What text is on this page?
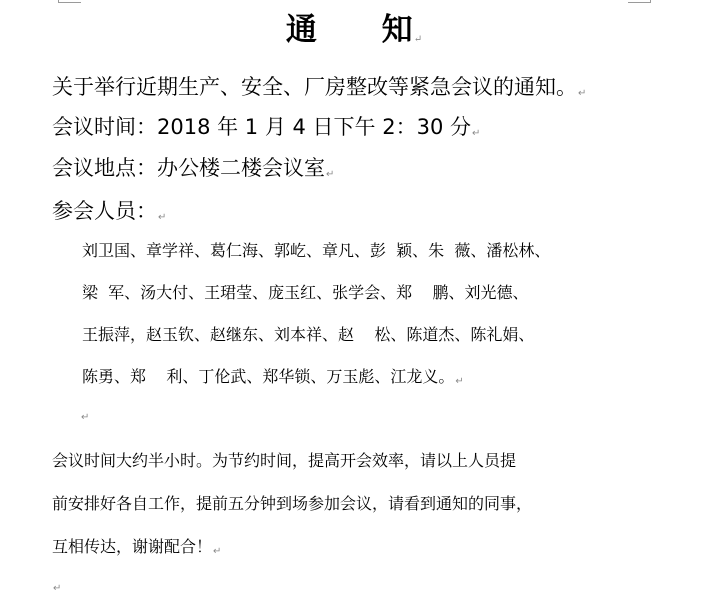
通      知↵
关于举行近期生产、安全、厂房整改等紧急会议的通知。↵
会议时间：2018 年 1 月 4 日下午 2：30 分↵
会议地点：办公楼二楼会议室↵
参会人员：↵
刘卫国、章学祥、葛仁海、郭屹、章凡、彭  颖、朱  薇、潘松林、
梁  军、汤大付、王珺莹、庞玉红、张学会、郑    鹏、刘光德、
王振萍，赵玉钦、赵继东、刘本祥、赵    松、陈道杰、陈礼娟、
陈勇、郑    利、丁伦武、郑华锁、万玉彪、江龙义。↵
↵
会议时间大约半小时。为节约时间，提高开会效率，请以上人员提
前安排好各自工作，提前五分钟到场参加会议，请看到通知的同事，
互相传达，谢谢配合！↵
↵
